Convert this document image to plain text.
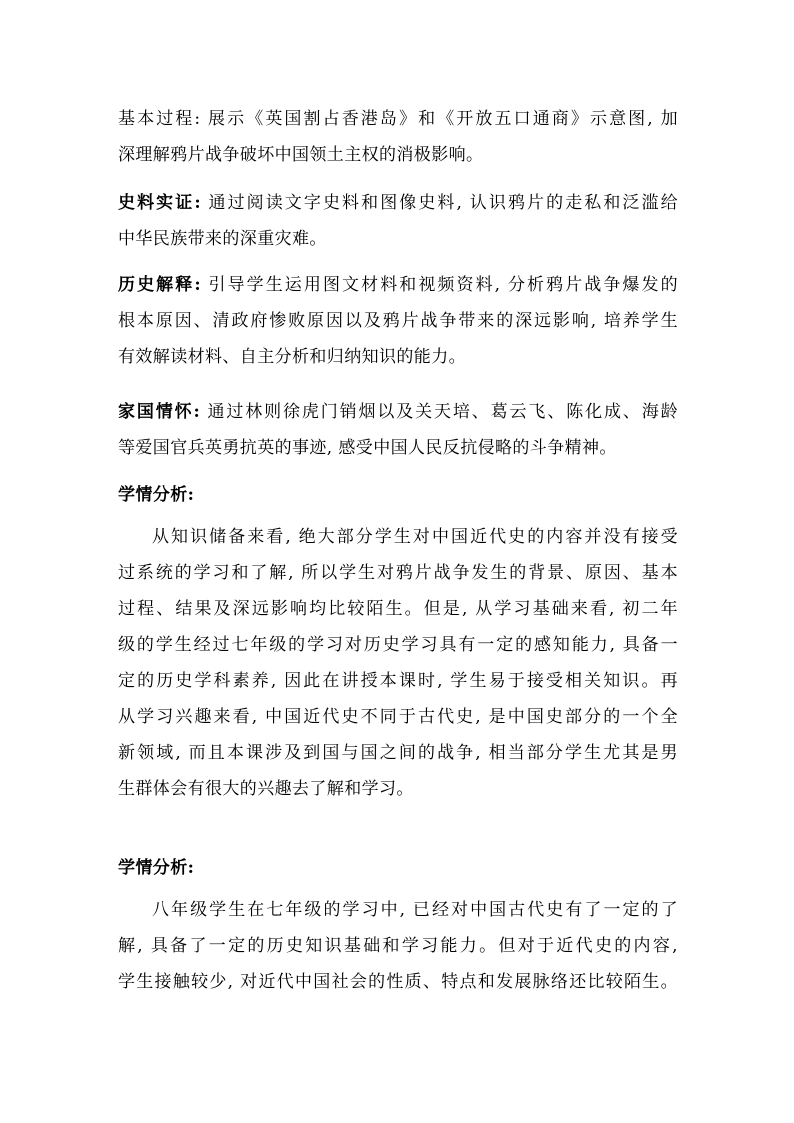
基本过程: 展示《英国割占香港岛》和《开放五口通商》示意图, 加
深理解鸦片战争破坏中国领土主权的消极影响。
史料实证: 通过阅读文字史料和图像史料, 认识鸦片的走私和泛滥给
中华民族带来的深重灾难。
历史解释: 引导学生运用图文材料和视频资料, 分析鸦片战争爆发的
根本原因、清政府惨败原因以及鸦片战争带来的深远影响, 培养学生
有效解读材料、自主分析和归纳知识的能力。
家国情怀: 通过林则徐虎门销烟以及关天培、葛云飞、陈化成、海龄
等爱国官兵英勇抗英的事迹, 感受中国人民反抗侵略的斗争精神。
学情分析:
从知识储备来看, 绝大部分学生对中国近代史的内容并没有接受
过系统的学习和了解, 所以学生对鸦片战争发生的背景、原因、基本
过程、结果及深远影响均比较陌生。但是, 从学习基础来看, 初二年
级的学生经过七年级的学习对历史学习具有一定的感知能力, 具备一
定的历史学科素养, 因此在讲授本课时, 学生易于接受相关知识。再
从学习兴趣来看, 中国近代史不同于古代史, 是中国史部分的一个全
新领域, 而且本课涉及到国与国之间的战争, 相当部分学生尤其是男
生群体会有很大的兴趣去了解和学习。
学情分析:
八年级学生在七年级的学习中, 已经对中国古代史有了一定的了
解, 具备了一定的历史知识基础和学习能力。但对于近代史的内容,
学生接触较少, 对近代中国社会的性质、特点和发展脉络还比较陌生。
